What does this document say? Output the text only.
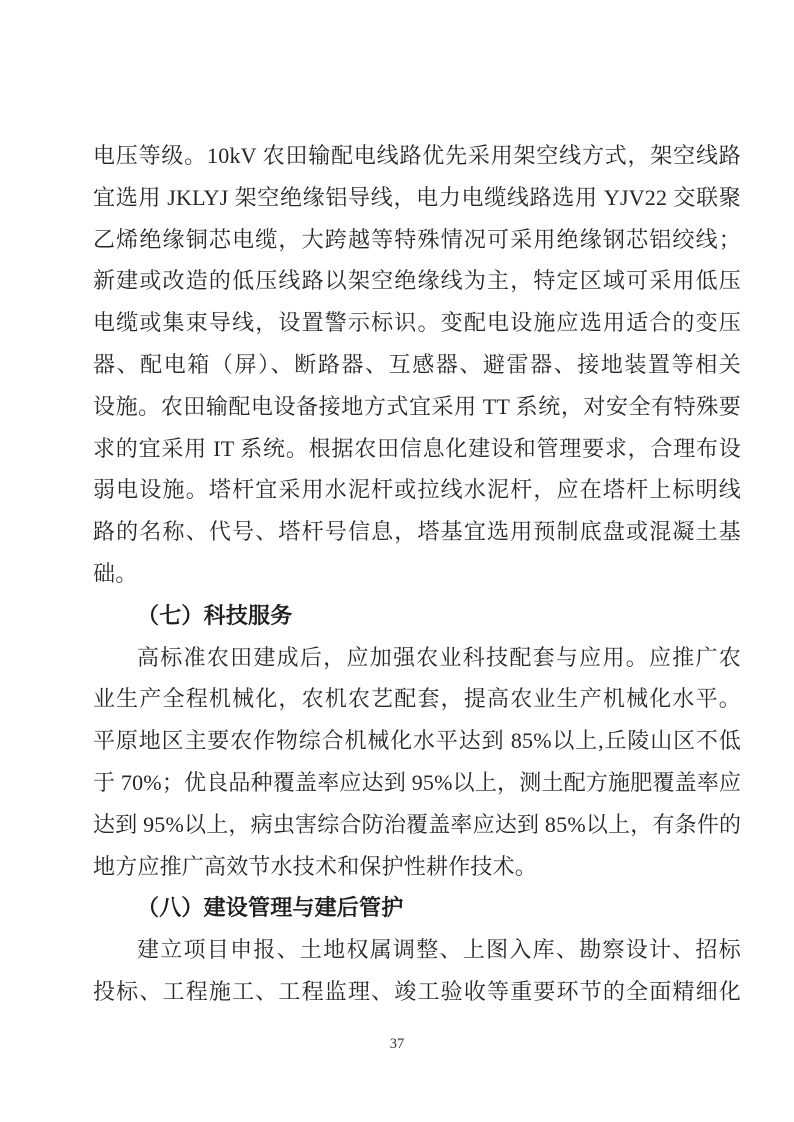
电压等级。10kV 农田输配电线路优先采用架空线方式，架空线路
宜选用 JKLYJ 架空绝缘铝导线，电力电缆线路选用 YJV22 交联聚
乙烯绝缘铜芯电缆，大跨越等特殊情况可采用绝缘钢芯铝绞线；
新建或改造的低压线路以架空绝缘线为主，特定区域可采用低压
电缆或集束导线，设置警示标识。变配电设施应选用适合的变压
器、配电箱（屏）、断路器、互感器、避雷器、接地装置等相关
设施。农田输配电设备接地方式宜采用 TT 系统，对安全有特殊要
求的宜采用 IT 系统。根据农田信息化建设和管理要求，合理布设
弱电设施。塔杆宜采用水泥杆或拉线水泥杆，应在塔杆上标明线
路的名称、代号、塔杆号信息，塔基宜选用预制底盘或混凝土基
础。
（七）科技服务
高标准农田建成后，应加强农业科技配套与应用。应推广农
业生产全程机械化，农机农艺配套，提高农业生产机械化水平。
平原地区主要农作物综合机械化水平达到 85%以上,丘陵山区不低
于 70%；优良品种覆盖率应达到 95%以上，测土配方施肥覆盖率应
达到 95%以上，病虫害综合防治覆盖率应达到 85%以上，有条件的
地方应推广高效节水技术和保护性耕作技术。
（八）建设管理与建后管护
建立项目申报、土地权属调整、上图入库、勘察设计、招标
投标、工程施工、工程监理、竣工验收等重要环节的全面精细化
37
